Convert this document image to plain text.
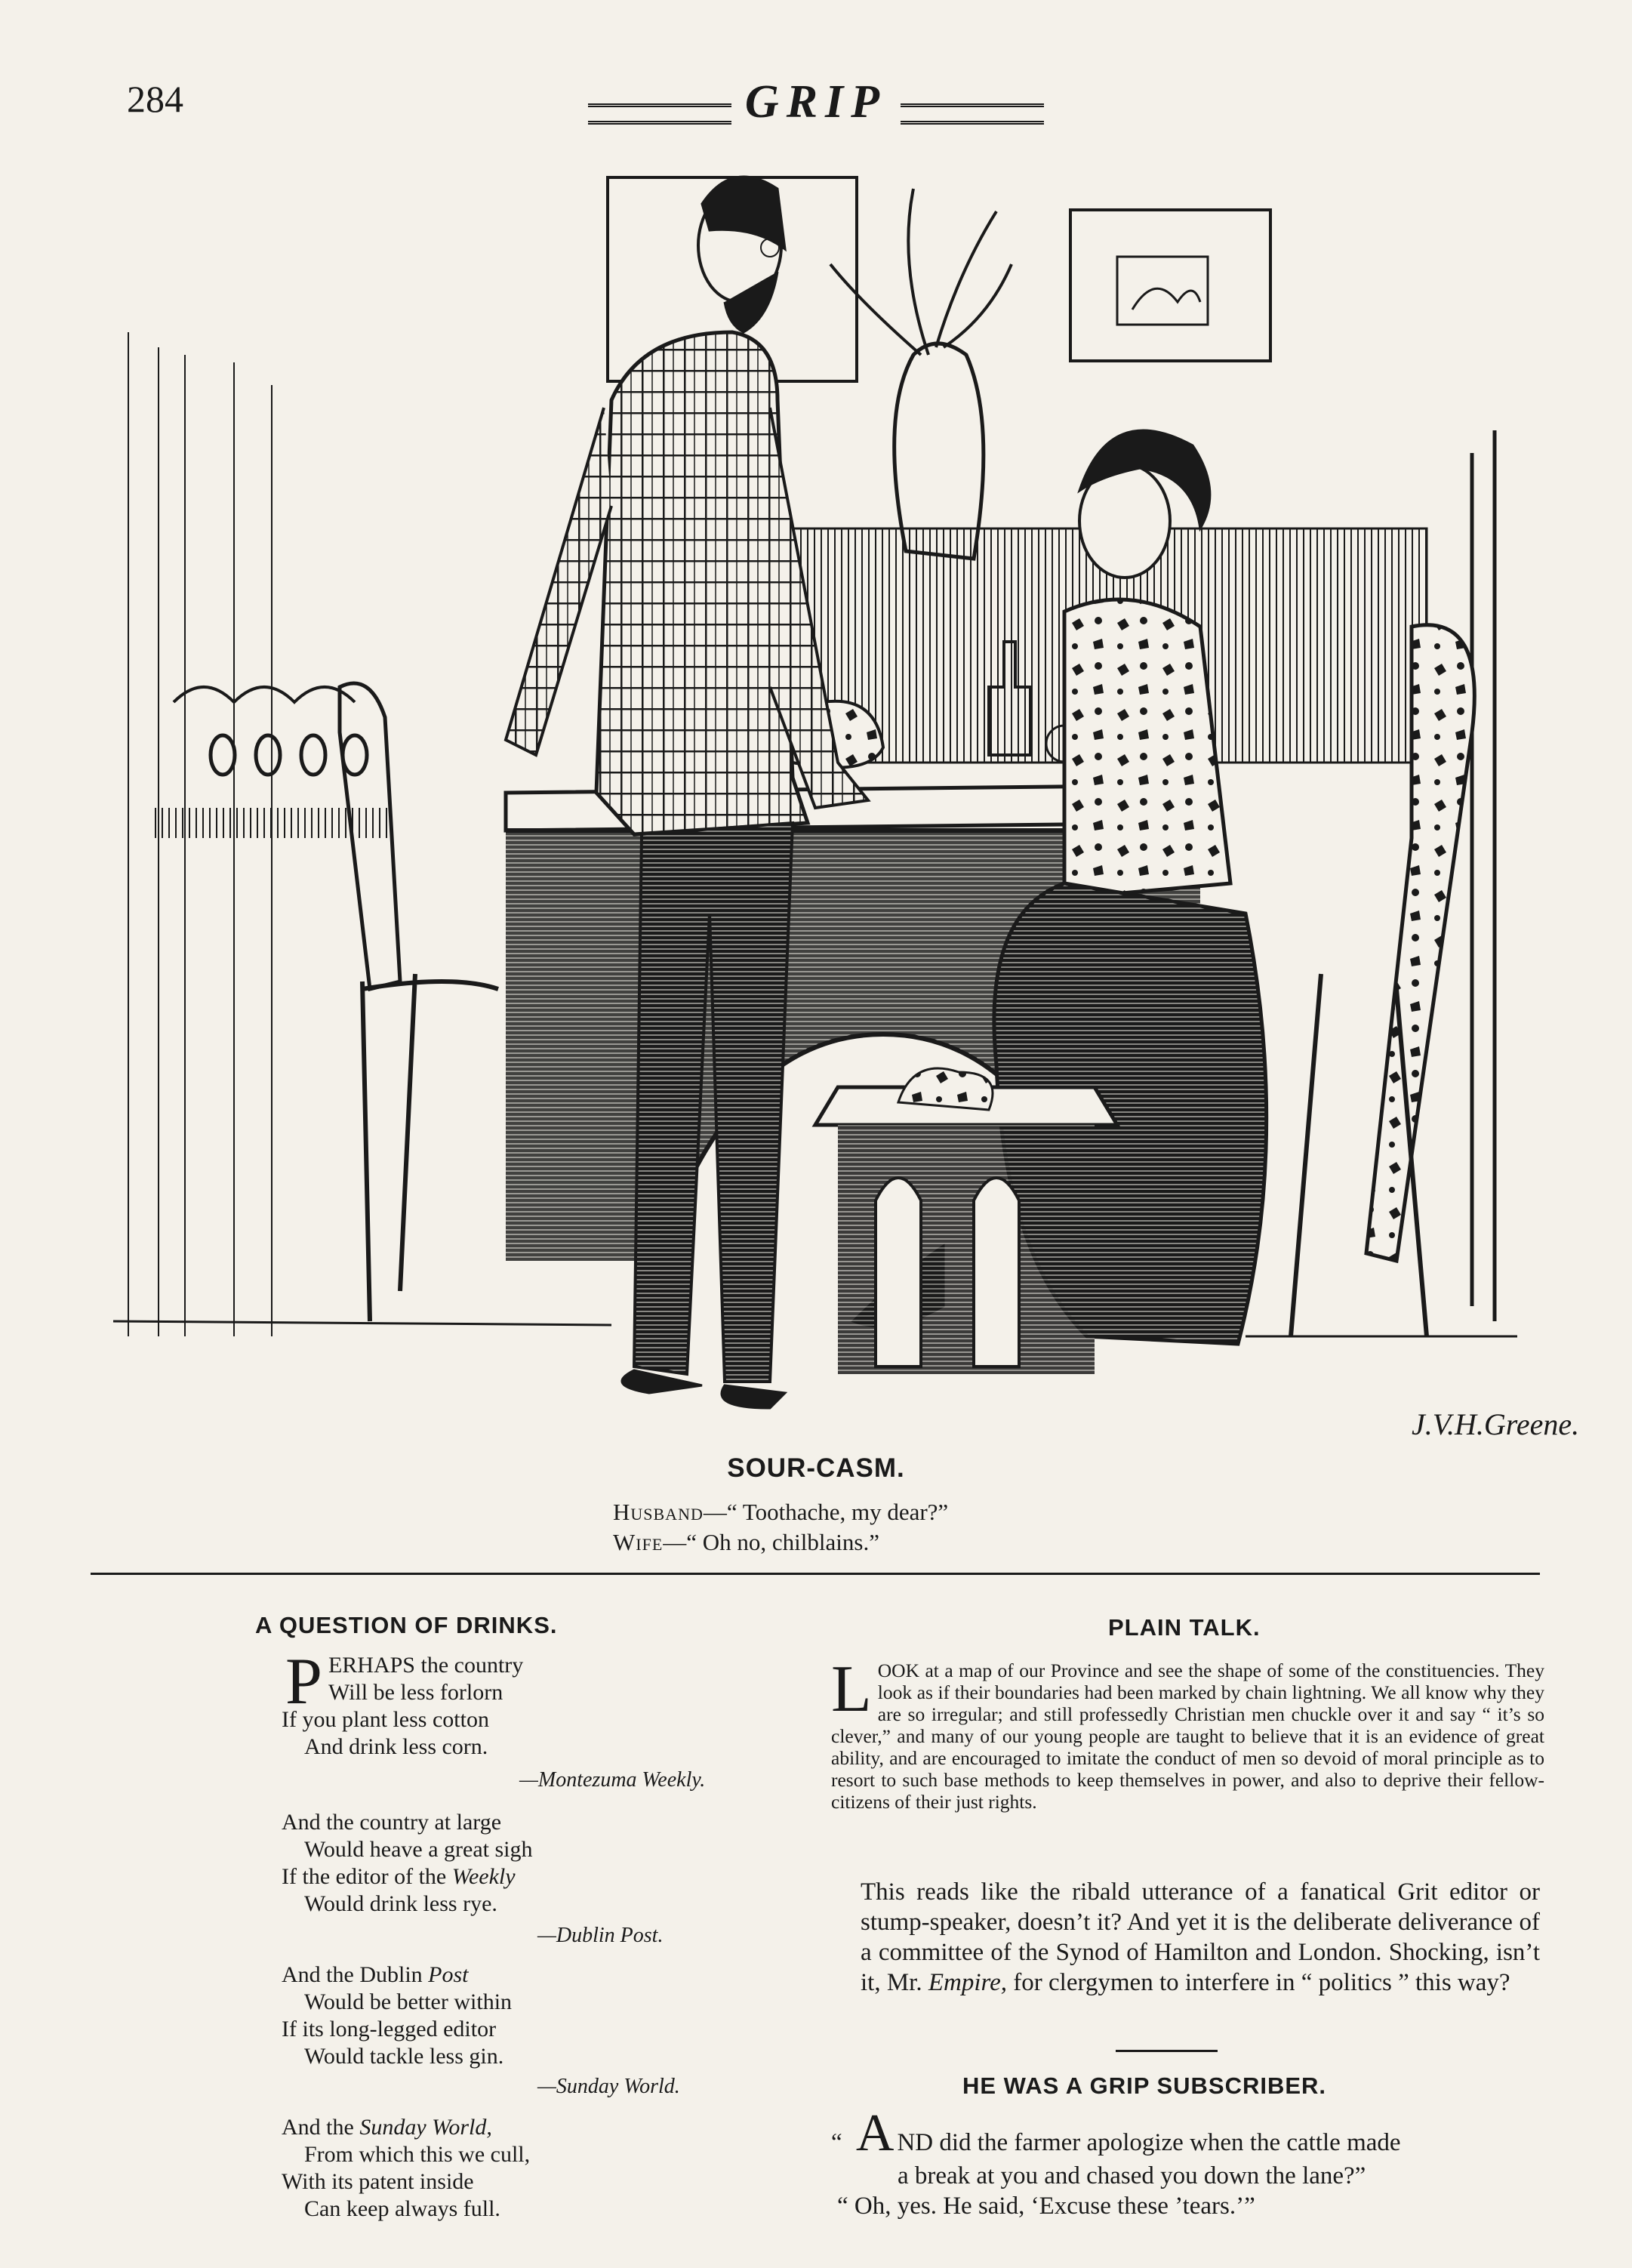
284	GRIP
J.V.H.Greene.
SOUR-CASM.
Husband—“ Toothache, my dear?”
Wife—“ Oh no, chilblains.”
A QUESTION OF DRINKS.
P ERHAPS the country
Will be less forlorn
If you plant less cotton
And drink less corn.
—Montezuma Weekly.
And the country at large
Would heave a great sigh
If the editor of the Weekly
Would drink less rye.
—Dublin Post.
And the Dublin Post
Would be better within
If its long-legged editor
Would tackle less gin.
—Sunday World.
And the Sunday World,
From which this we cull,
With its patent inside
Can keep always full.
PLAIN TALK.
LOOK at a map of our Province and see the shape of some of the constituencies. They look as if their boundaries had been marked by chain lightning. We all know why they are so irregular; and still professedly Christian men chuckle over it and say “ it’s so clever,” and many of our young people are taught to believe that it is an evidence of great ability, and are encouraged to imitate the conduct of men so devoid of moral principle as to resort to such base methods to keep themselves in power, and also to deprive their fellow-citizens of their just rights.
This reads like the ribald utterance of a fanatical Grit editor or stump-speaker, doesn’t it? And yet it is the deliberate deliverance of a committee of the Synod of Hamilton and London. Shocking, isn’t it, Mr. Empire, for clergymen to interfere in “ politics ” this way?
HE WAS A GRIP SUBSCRIBER.
“ A ND did the farmer apologize when the cattle made
a break at you and chased you down the lane?”
“ Oh, yes. He said, ‘Excuse these ’tears.’”
